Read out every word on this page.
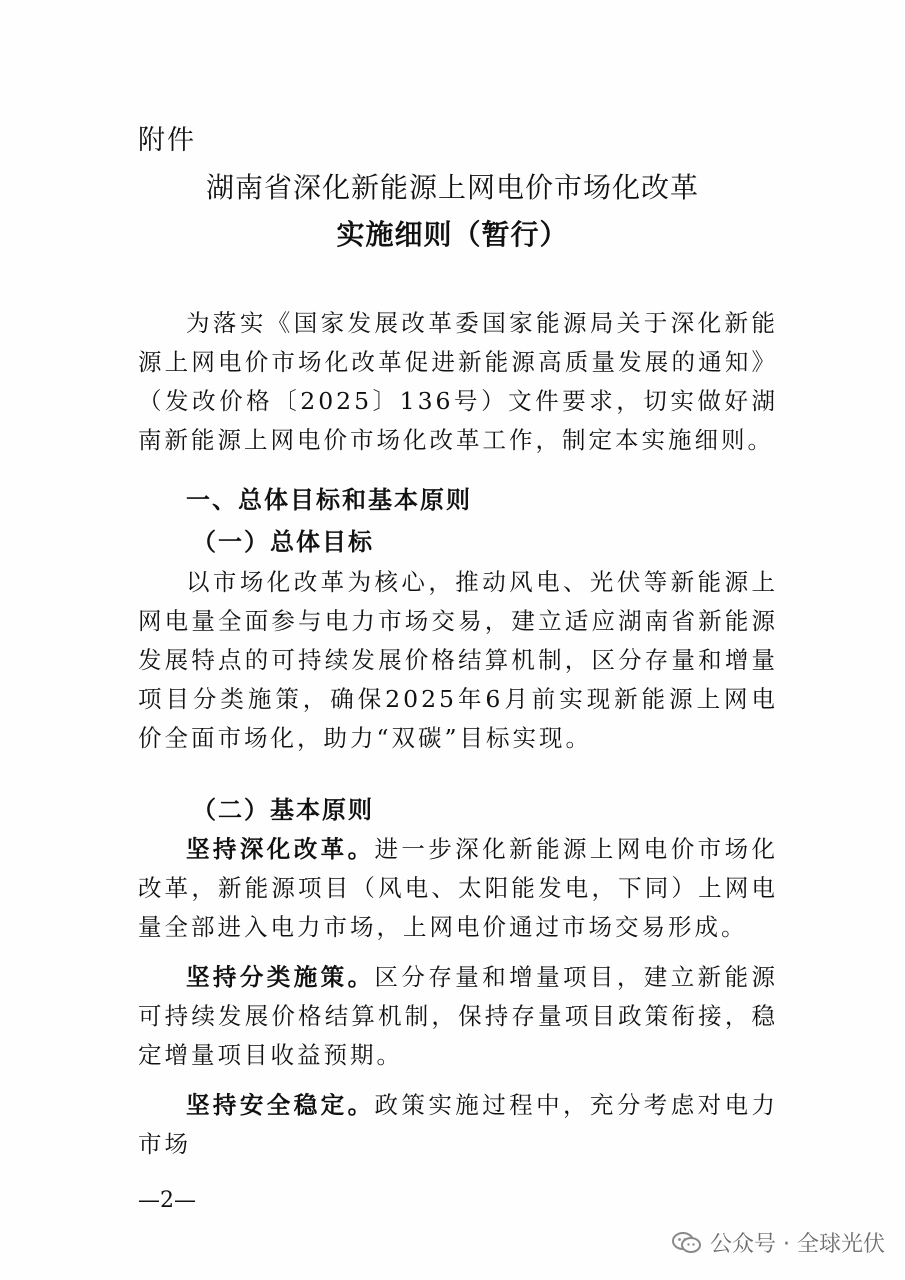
附件
湖南省深化新能源上网电价市场化改革
实施细则（暂行）

为落实《国家发展改革委国家能源局关于深化新能源上网电价市场化改革促进新能源高质量发展的通知》（发改价格〔2025〕136号）文件要求，切实做好湖南新能源上网电价市场化改革工作，制定本实施细则。

一、总体目标和基本原则

（一）总体目标

以市场化改革为核心，推动风电、光伏等新能源上网电量全面参与电力市场交易，建立适应湖南省新能源发展特点的可持续发展价格结算机制，区分存量和增量项目分类施策，确保2025年6月前实现新能源上网电价全面市场化，助力“双碳”目标实现。

（二）基本原则

坚持深化改革。进一步深化新能源上网电价市场化改革，新能源项目（风电、太阳能发电，下同）上网电量全部进入电力市场，上网电价通过市场交易形成。

坚持分类施策。区分存量和增量项目，建立新能源可持续发展价格结算机制，保持存量项目政策衔接，稳定增量项目收益预期。

坚持安全稳定。政策实施过程中，充分考虑对电力市场

—2—
公众号 · 全球光伏
